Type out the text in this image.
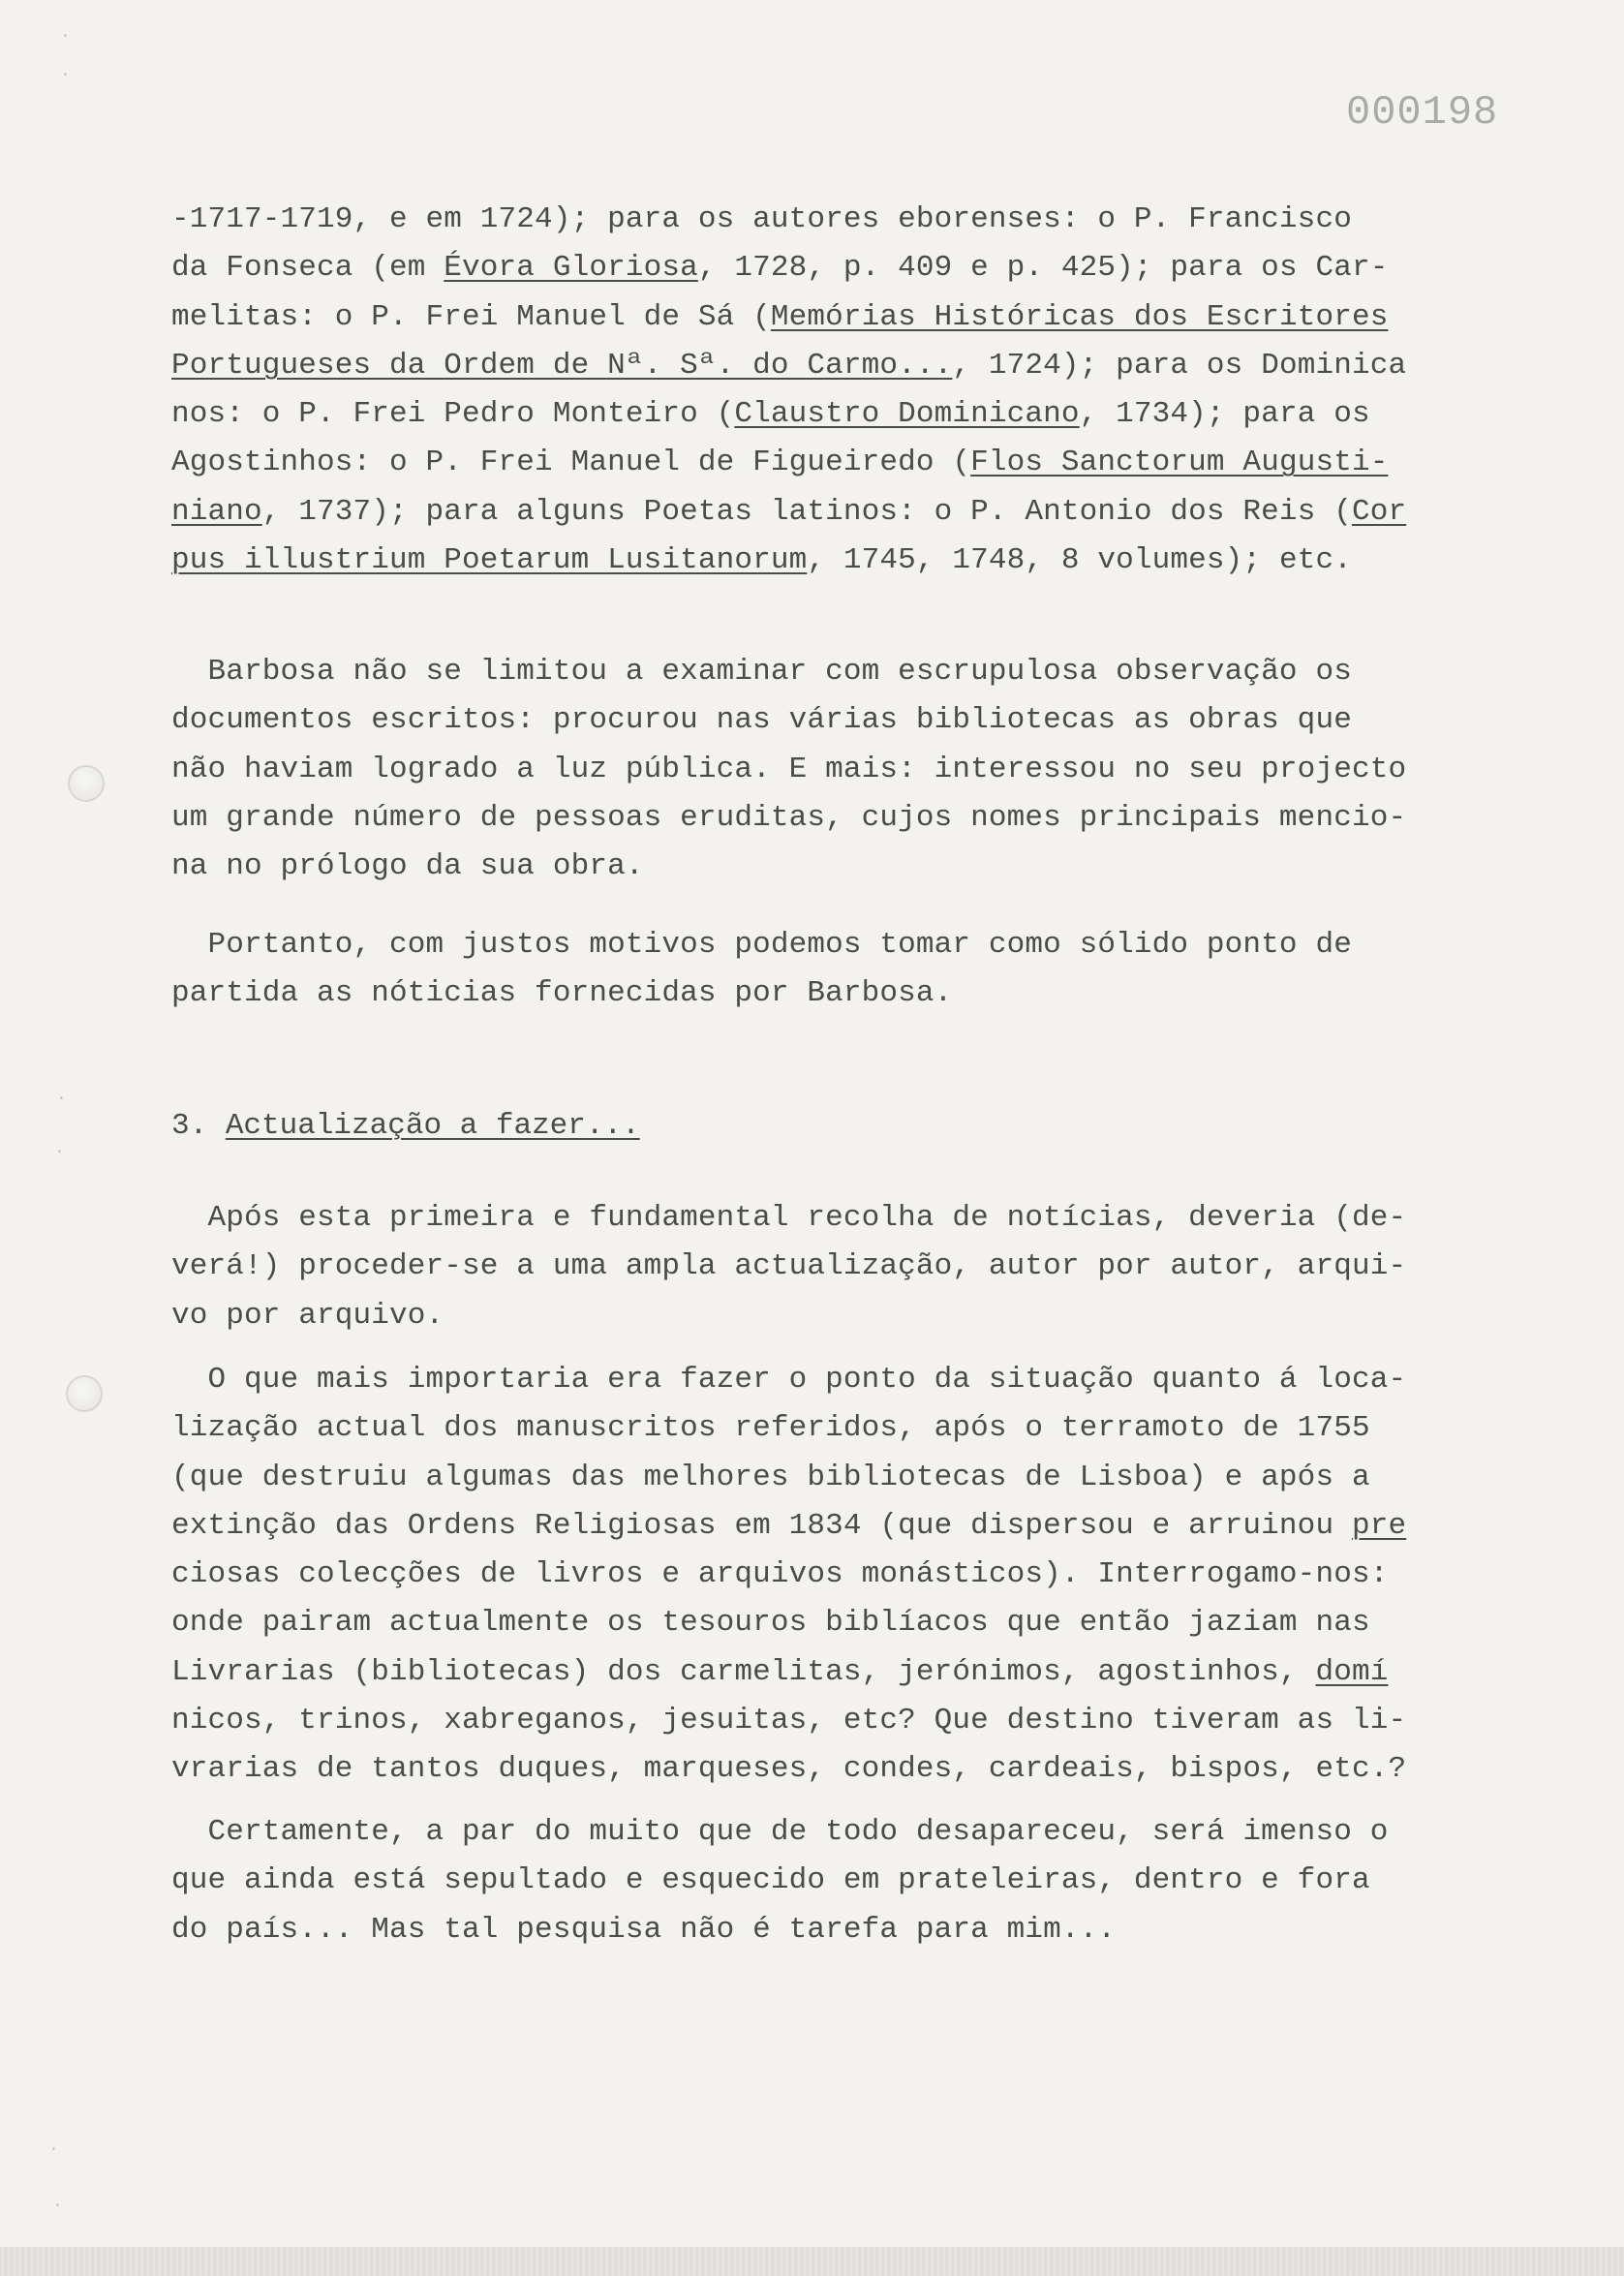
·
·
·
·
·
·
000198
-1717-1719, e em 1724); para os autores eborenses: o P. Francisco
da Fonseca (em Évora Gloriosa, 1728, p. 409 e p. 425); para os Car-
melitas: o P. Frei Manuel de Sá (Memórias Históricas dos Escritores
Portugueses da Ordem de Nª. Sª. do Carmo..., 1724); para os Dominica
nos: o P. Frei Pedro Monteiro (Claustro Dominicano, 1734); para os
Agostinhos: o P. Frei Manuel de Figueiredo (Flos Sanctorum Augusti-
niano, 1737); para alguns Poetas latinos: o P. Antonio dos Reis (Cor
pus illustrium Poetarum Lusitanorum, 1745, 1748, 8 volumes); etc.
Barbosa não se limitou a examinar com escrupulosa observação os
documentos escritos: procurou nas várias bibliotecas as obras que
não haviam logrado a luz pública. E mais: interessou no seu projecto
um grande número de pessoas eruditas, cujos nomes principais mencio-
na no prólogo da sua obra.
Portanto, com justos motivos podemos tomar como sólido ponto de
partida as nóticias fornecidas por Barbosa.
3. Actualização a fazer...
Após esta primeira e fundamental recolha de notícias, deveria (de-
verá!) proceder-se a uma ampla actualização, autor por autor, arqui-
vo por arquivo.
O que mais importaria era fazer o ponto da situação quanto á loca-
lização actual dos manuscritos referidos, após o terramoto de 1755
(que destruiu algumas das melhores bibliotecas de Lisboa) e após a
extinção das Ordens Religiosas em 1834 (que dispersou e arruinou pre
ciosas colecções de livros e arquivos monásticos). Interrogamo-nos:
onde pairam actualmente os tesouros biblíacos que então jaziam nas
Livrarias (bibliotecas) dos carmelitas, jerónimos, agostinhos, domí
nicos, trinos, xabreganos, jesuitas, etc? Que destino tiveram as li-
vrarias de tantos duques, marqueses, condes, cardeais, bispos, etc.?
Certamente, a par do muito que de todo desapareceu, será imenso o
que ainda está sepultado e esquecido em prateleiras, dentro e fora
do país... Mas tal pesquisa não é tarefa para mim...
